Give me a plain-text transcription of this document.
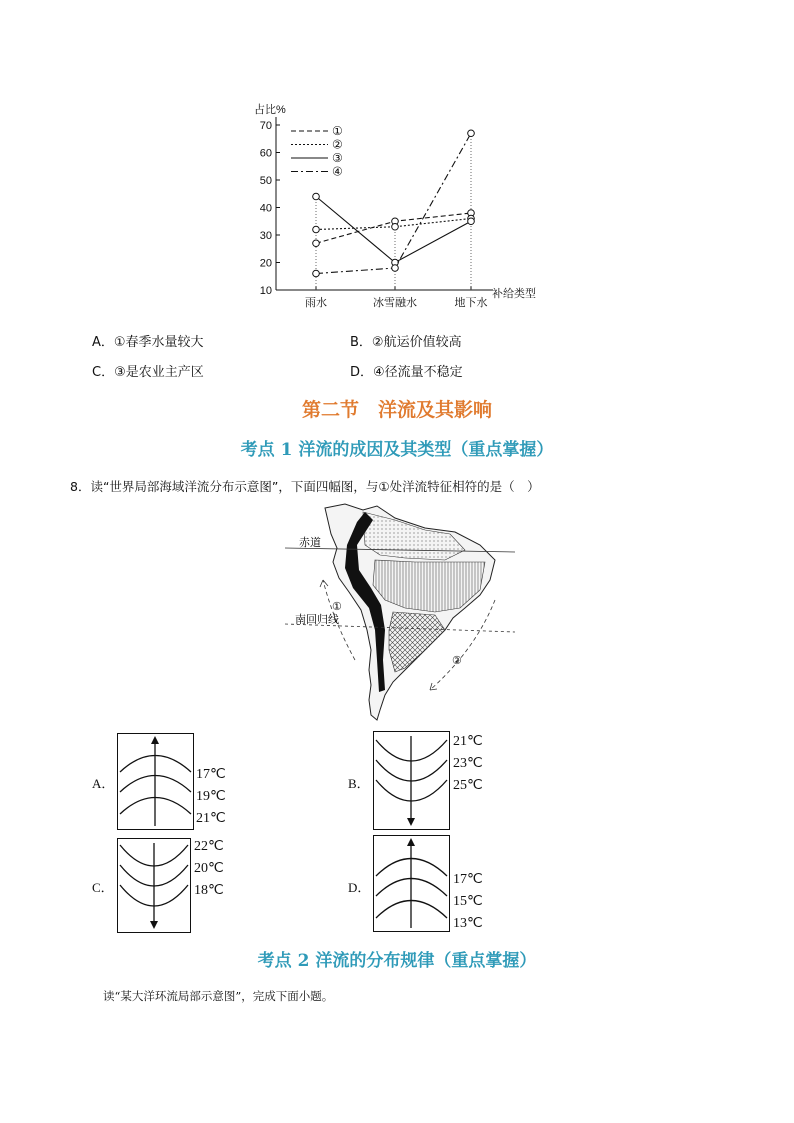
占比%
补给类型
10
20
30
40
50
60
70
雨水	冰雪融水	地下水
①
②
③
④
A．①春季水量较大	B．②航运价值较高
C．③是农业主产区	D．④径流量不稳定
第二节　洋流及其影响
考点 1 洋流的成因及其类型（重点掌握）
8．读“世界局部海域洋流分布示意图”，下面四幅图，与①处洋流特征相符的是（　）
赤道
南回归线
①
②
A．
17℃
19℃
21℃
B．
21℃
23℃
25℃
C．
22℃
20℃
18℃	D．
17℃
15℃
13℃
考点 2 洋流的分布规律（重点掌握）
读“某大洋环流局部示意图”，完成下面小题。
